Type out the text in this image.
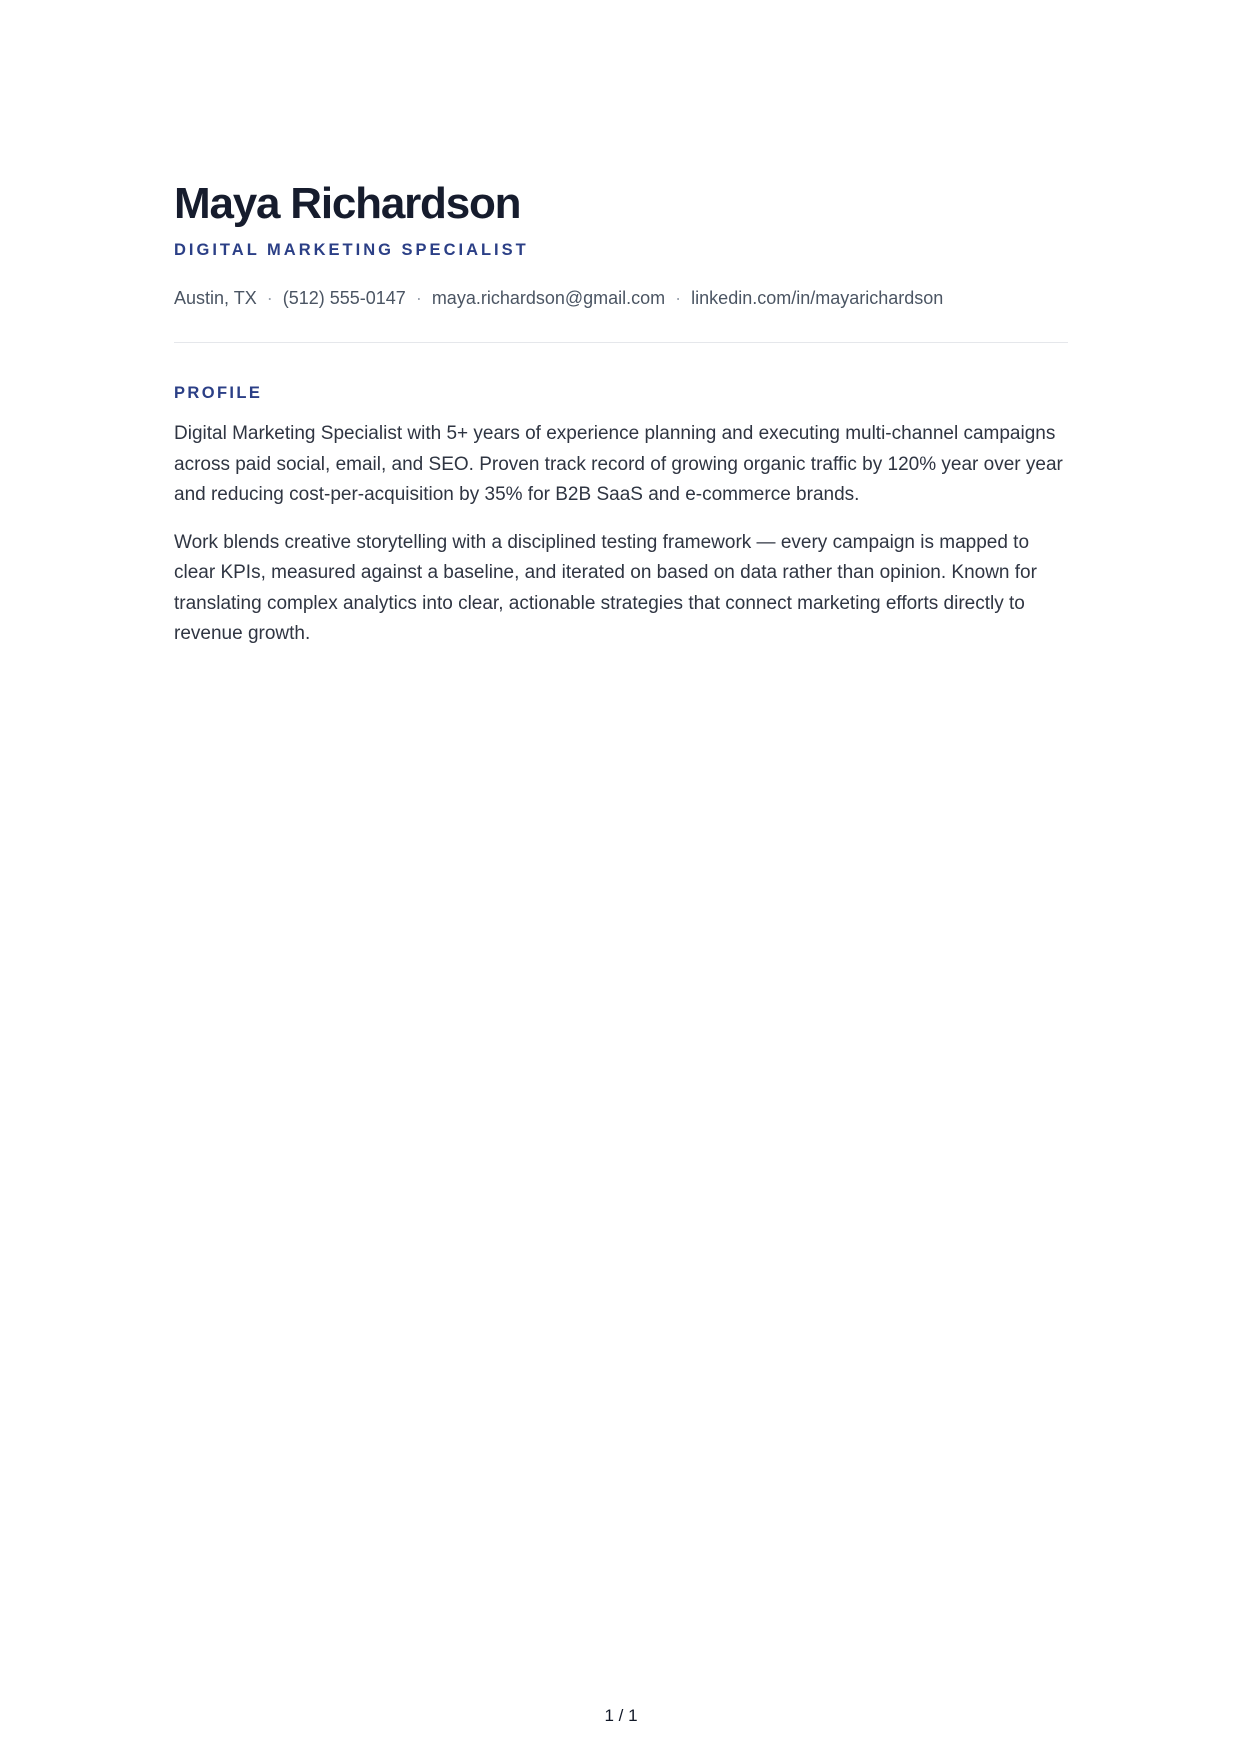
Maya Richardson
DIGITAL MARKETING SPECIALIST
Austin, TX · (512) 555-0147 · maya.richardson@gmail.com · linkedin.com/in/mayarichardson
PROFILE

Digital Marketing Specialist with 5+ years of experience planning and executing multi-channel campaigns across paid social, email, and SEO. Proven track record of growing organic traffic by 120% year over year and reducing cost-per-acquisition by 35% for B2B SaaS and e-commerce brands.

Work blends creative storytelling with a disciplined testing framework — every campaign is mapped to clear KPIs, measured against a baseline, and iterated on based on data rather than opinion. Known for translating complex analytics into clear, actionable strategies that connect marketing efforts directly to revenue growth.

1 / 1
